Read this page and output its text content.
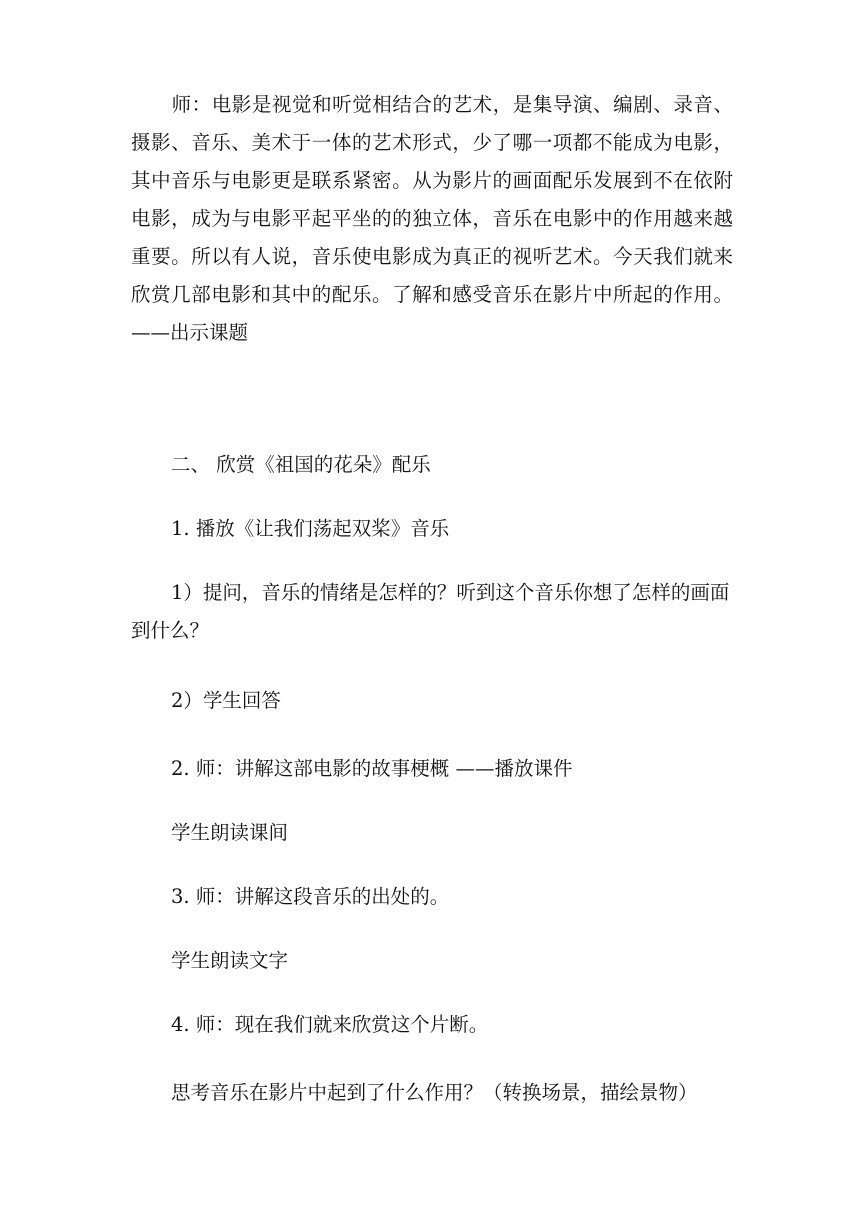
师：电影是视觉和听觉相结合的艺术，是集导演、编剧、录音、摄影、音乐、美术于一体的艺术形式，少了哪一项都不能成为电影，其中音乐与电影更是联系紧密。从为影片的画面配乐发展到不在依附电影，成为与电影平起平坐的的独立体，音乐在电影中的作用越来越重要。所以有人说，音乐使电影成为真正的视听艺术。今天我们就来欣赏几部电影和其中的配乐。了解和感受音乐在影片中所起的作用。——出示课题

二、 欣赏《祖国的花朵》配乐

1. 播放《让我们荡起双桨》音乐

1）提问，音乐的情绪是怎样的？听到这个音乐你想了怎样的画面到什么？

2）学生回答

2. 师：讲解这部电影的故事梗概 ——播放课件

学生朗读课间

3. 师：讲解这段音乐的出处的。

学生朗读文字

4. 师：现在我们就来欣赏这个片断。

思考音乐在影片中起到了什么作用？（转换场景，描绘景物）
